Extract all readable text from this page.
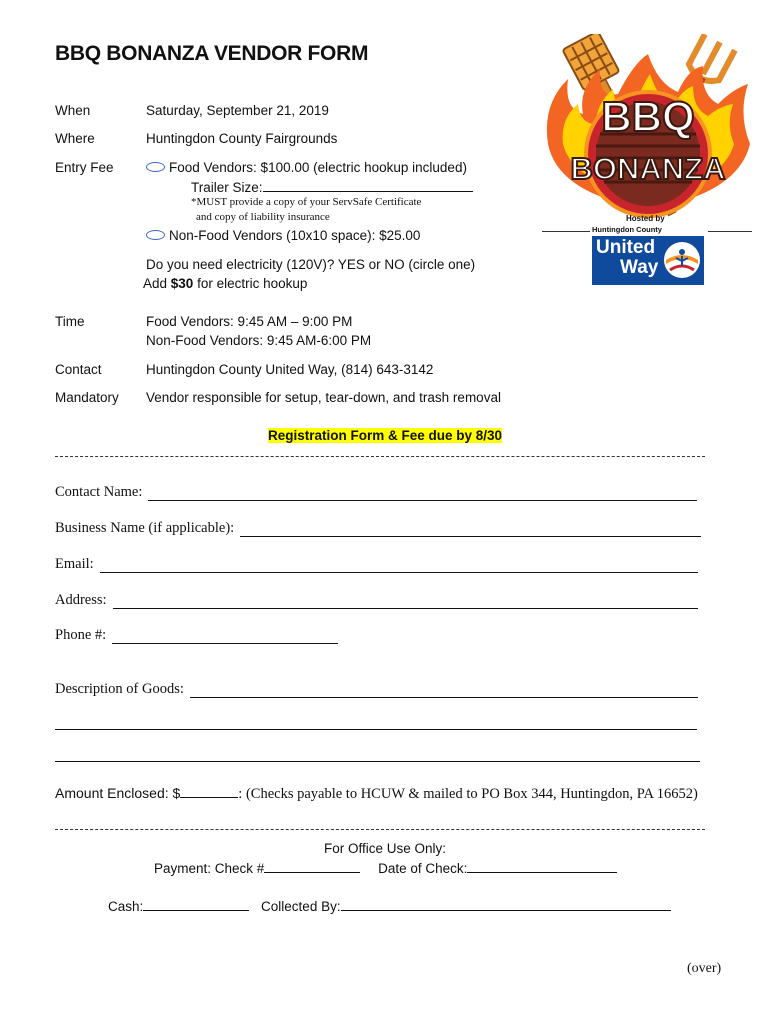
BBQ BONANZA VENDOR FORM
When	Saturday, September 21, 2019
Where	Huntingdon County Fairgrounds
Entry Fee	Food Vendors: $100.00 (electric hookup included)
Trailer Size:
*MUST provide a copy of your ServSafe Certificate
and copy of liability insurance
Non-Food Vendors (10x10 space): $25.00
Do you need electricity (120V)? YES or NO (circle one)
Add $30 for electric hookup
Time	Food Vendors: 9:45 AM – 9:00 PM
Non-Food Vendors: 9:45 AM-6:00 PM
Contact	Huntingdon County United Way, (814) 643-3142
Mandatory Vendor responsible for setup, tear-down, and trash removal
BBQ
BONANZA
Hosted by
Huntingdon County
United
Way
Registration Form & Fee due by 8/30
Contact Name:
Business Name (if applicable):
Email:
Address:
Phone #:
Description of Goods:
Amount Enclosed: $	: (Checks payable to HCUW & mailed to PO Box 344, Huntingdon, PA 16652)
For Office Use Only:
Payment: Check #	Date of Check:
Cash:	Collected By:
(over)
